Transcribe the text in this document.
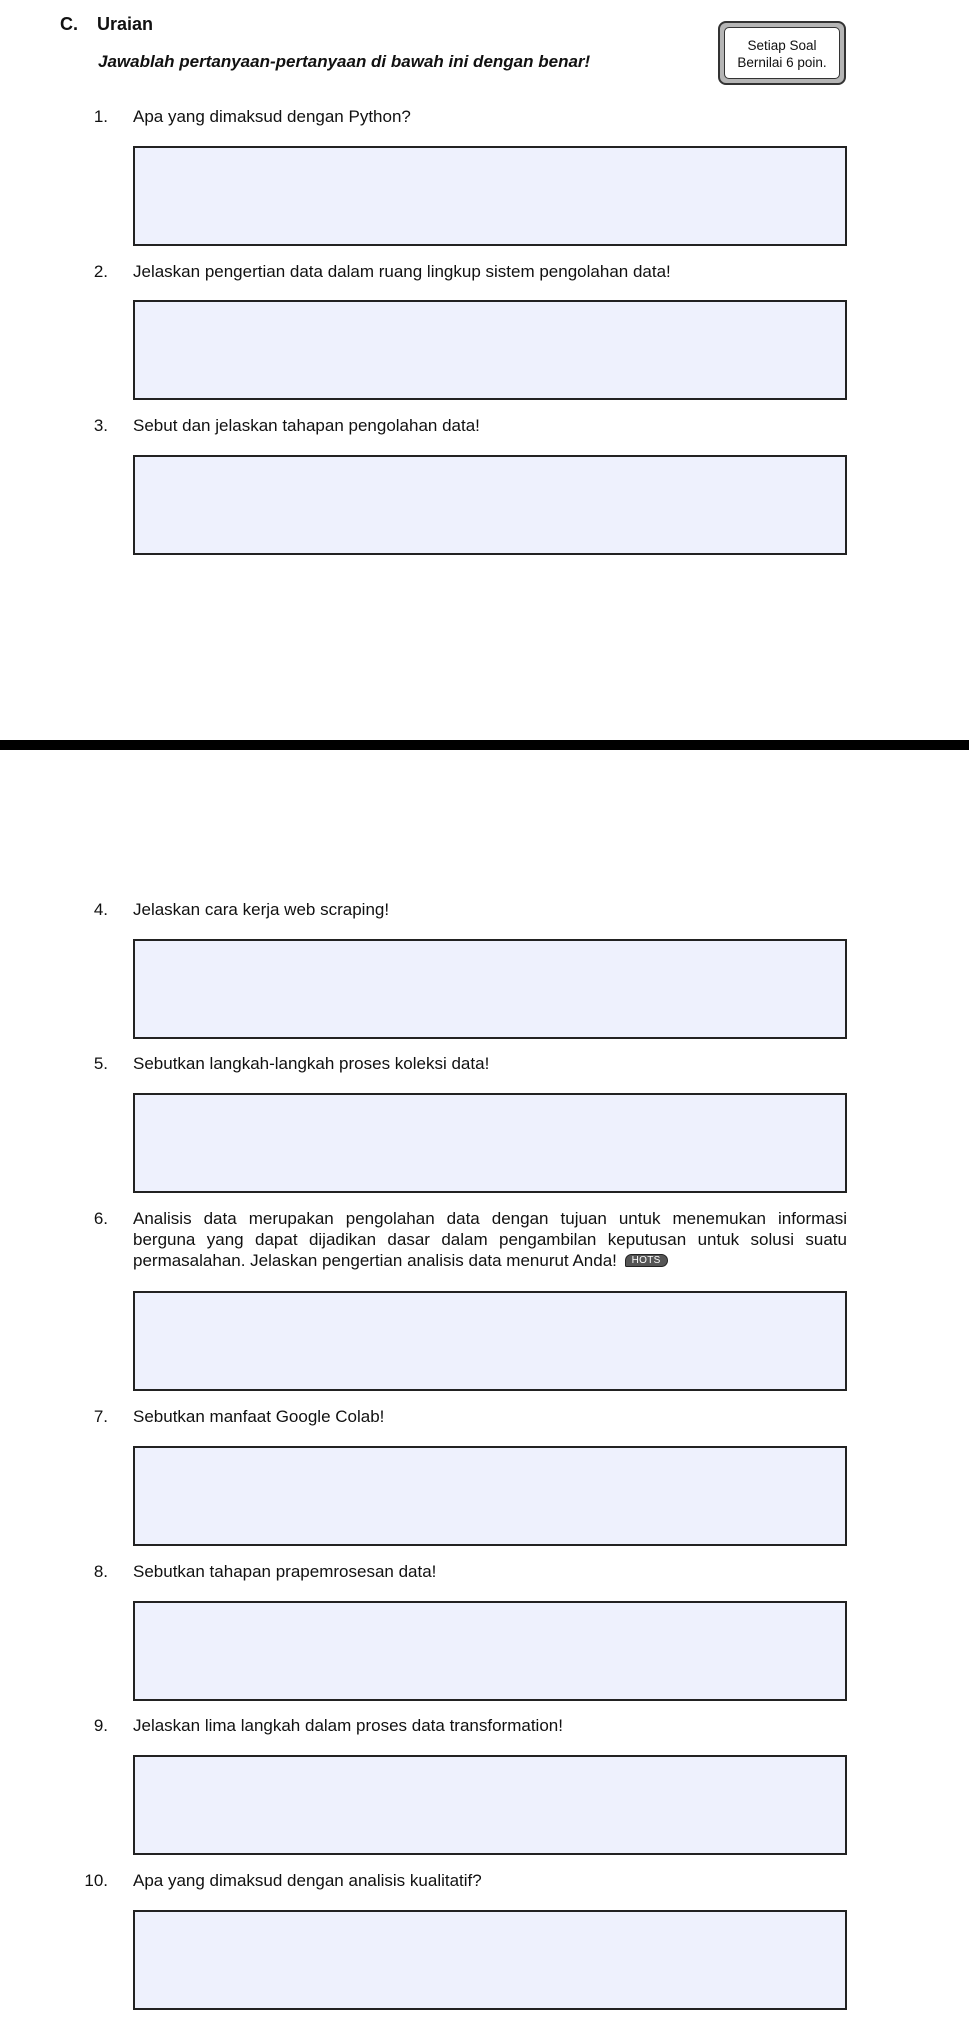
C. Uraian

Jawablah pertanyaan-pertanyaan di bawah ini dengan benar!

Setiap Soal
Bernilai 6 poin.
1. Apa yang dimaksud dengan Python?

2. Jelaskan pengertian data dalam ruang lingkup sistem pengolahan data!

3. Sebut dan jelaskan tahapan pengolahan data!

4. Jelaskan cara kerja web scraping!

5. Sebutkan langkah-langkah proses koleksi data!

6. Analisis data merupakan pengolahan data dengan tujuan untuk menemukan informasi berguna yang dapat dijadikan dasar dalam pengambilan keputusan untuk solusi suatu permasalahan. Jelaskan pengertian analisis data menurut Anda! HOTS

7. Sebutkan manfaat Google Colab!

8. Sebutkan tahapan prapemrosesan data!

9. Jelaskan lima langkah dalam proses data transformation!

10. Apa yang dimaksud dengan analisis kualitatif?
